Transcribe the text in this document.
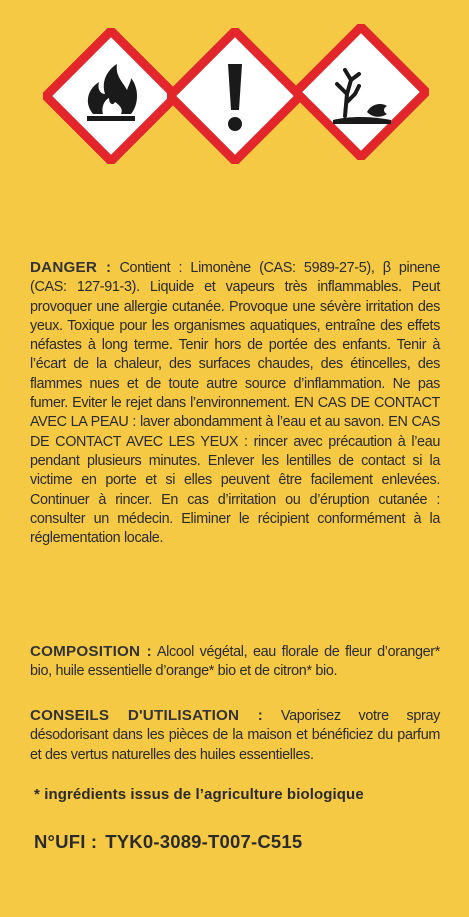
DANGER : Contient : Limonène (CAS: 5989-27-5), β pinene (CAS: 127-91-3). Liquide et vapeurs très inflammables. Peut provoquer une allergie cutanée. Provoque une sévère irritation des yeux. Toxique pour les organismes aquatiques, entraîne des effets néfastes à long terme. Tenir hors de portée des enfants. Tenir à l’écart de la chaleur, des surfaces chaudes, des étincelles, des flammes nues et de toute autre source d’inflammation. Ne pas fumer. Eviter le rejet dans l’environnement. EN CAS DE CONTACT AVEC LA PEAU : laver abondamment à l’eau et au savon. EN CAS DE CONTACT AVEC LES YEUX : rincer avec précaution à l’eau pendant plusieurs minutes. Enlever les lentilles de contact si la victime en porte et si elles peuvent être facilement enlevées. Continuer à rincer. En cas d’irritation ou d’éruption cutanée : consulter un médecin. Eliminer le récipient conformément à la réglementation locale.
COMPOSITION : Alcool végétal, eau florale de fleur d’oranger* bio, huile essentielle d’orange* bio et de citron* bio.
CONSEILS D'UTILISATION : Vaporisez votre spray désodorisant dans les pièces de la maison et bénéficiez du parfum et des vertus naturelles des huiles essentielles.
* ingrédients issus de l’agriculture biologique
N°UFI : TYK0-3089-T007-C515
